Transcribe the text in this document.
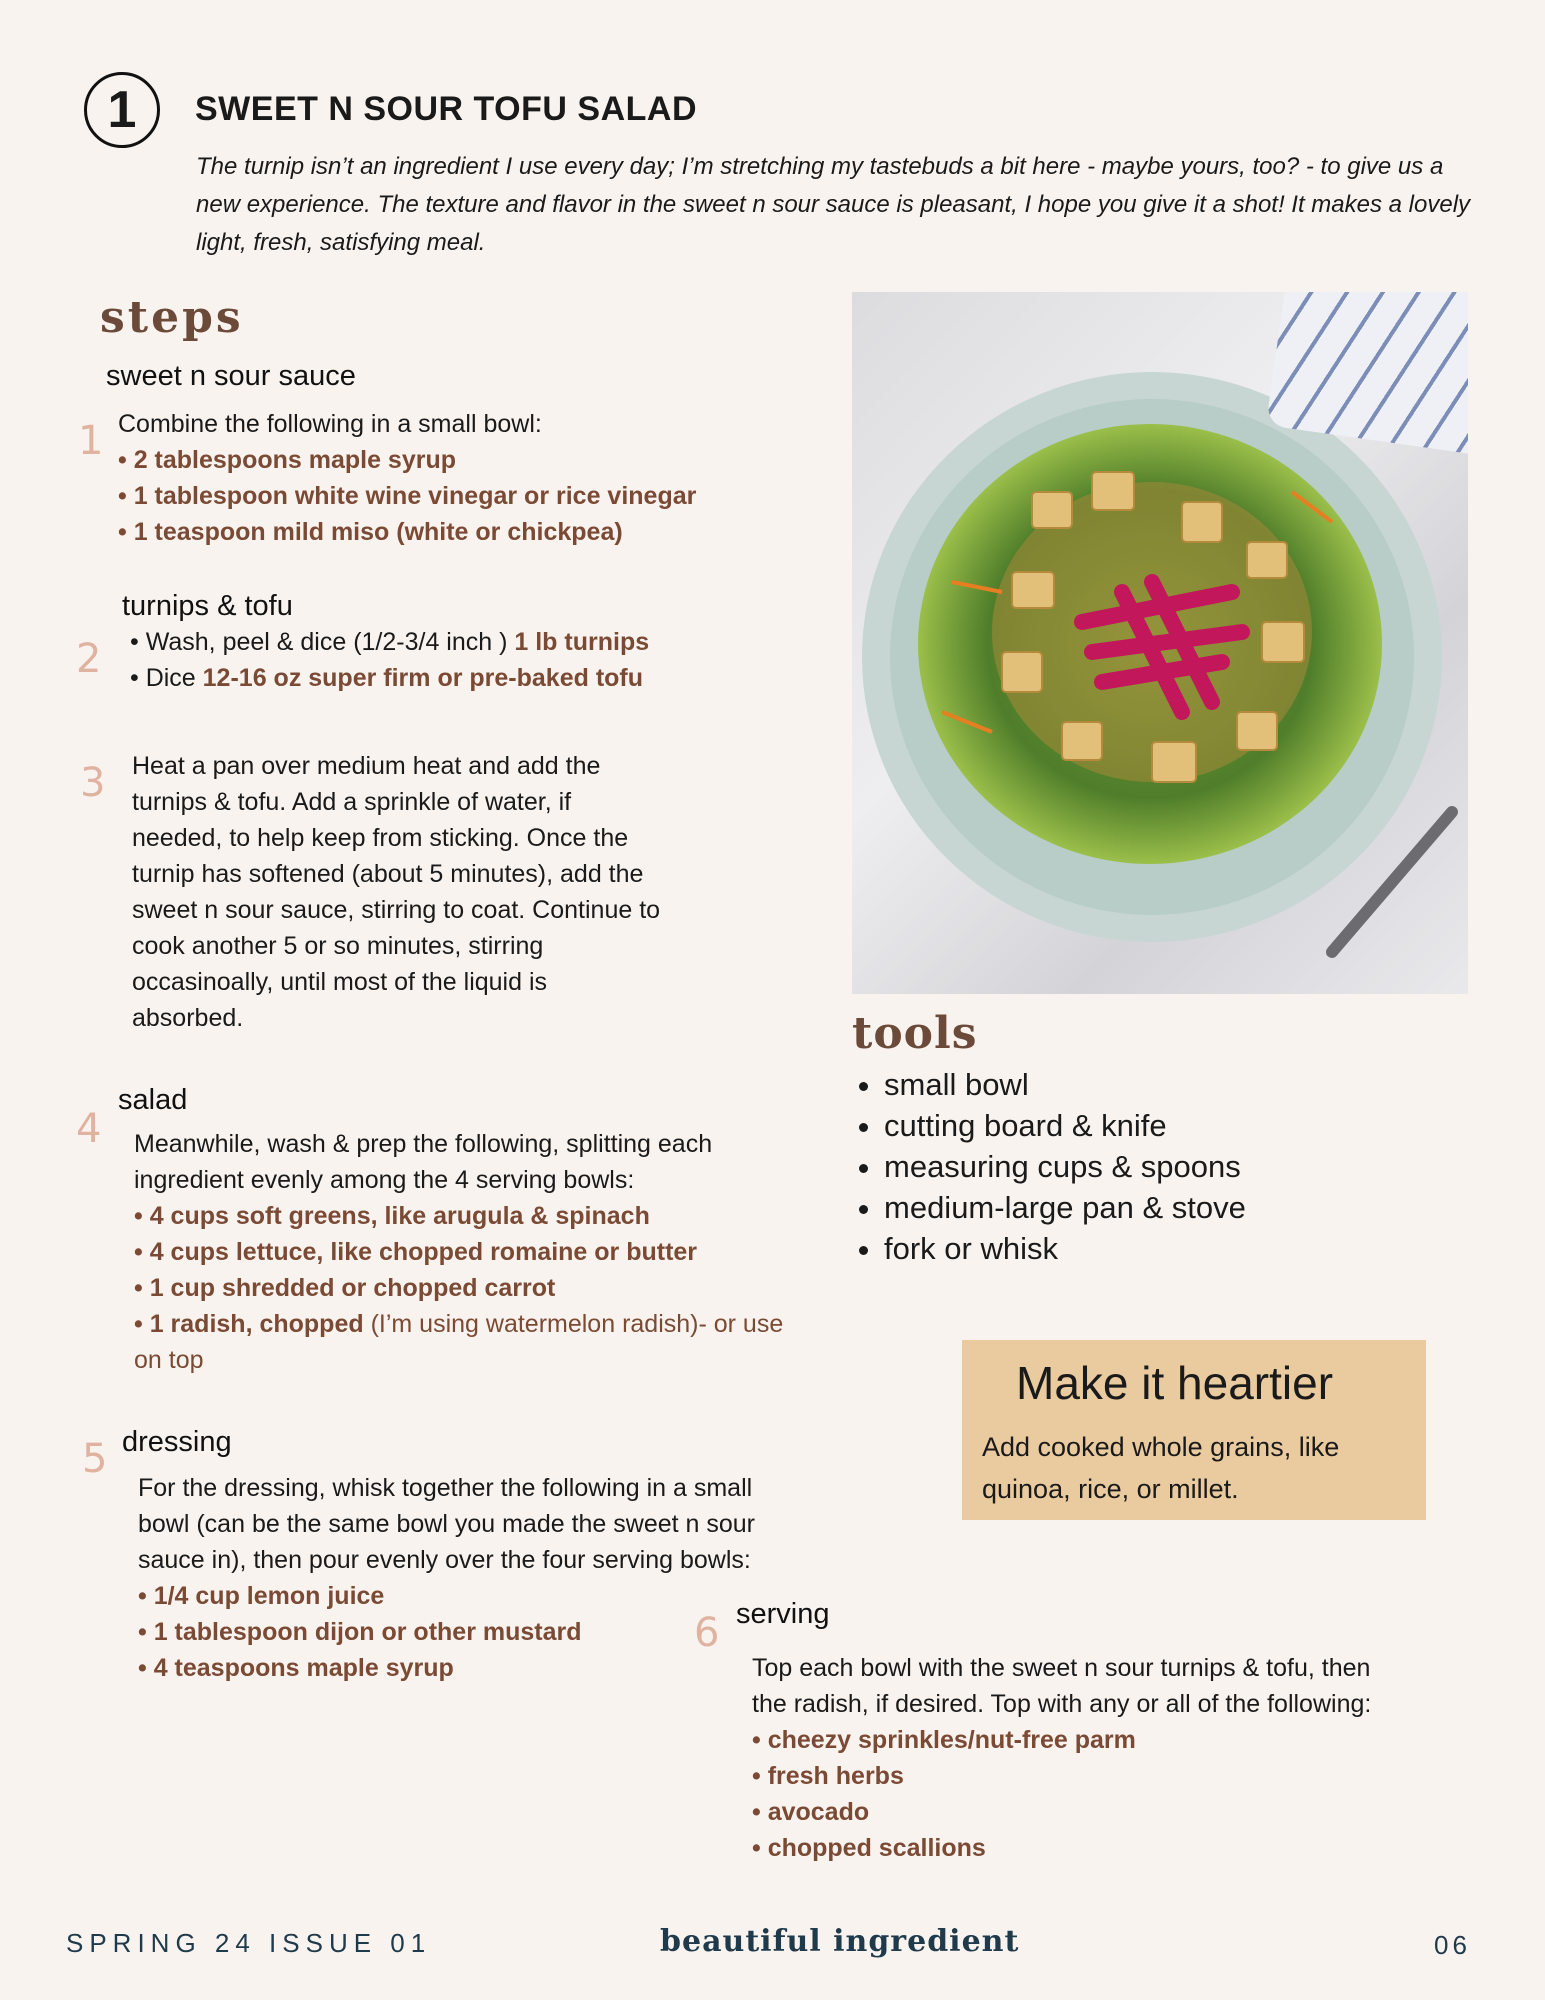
1 SWEET N SOUR TOFU SALAD
The turnip isn’t an ingredient I use every day; I’m stretching my tastebuds a bit here - maybe yours, too? - to give us a new experience. The texture and flavor in the sweet n sour sauce is pleasant, I hope you give it a shot! It makes a lovely light, fresh, satisfying meal.
steps
sweet n sour sauce
1 Combine the following in a small bowl:
• 2 tablespoons maple syrup
• 1 tablespoon white wine vinegar or rice vinegar
• 1 teaspoon mild miso (white or chickpea)
turnips & tofu
2 • Wash, peel & dice (1/2-3/4 inch ) 1 lb turnips
• Dice 12-16 oz super firm or pre-baked tofu
3 Heat a pan over medium heat and add the
turnips & tofu. Add a sprinkle of water, if
needed, to help keep from sticking. Once the
turnip has softened (about 5 minutes), add the
sweet n sour sauce, stirring to coat. Continue to
cook another 5 or so minutes, stirring
occasinoally, until most of the liquid is
absorbed.
salad
4 Meanwhile, wash & prep the following, splitting each
ingredient evenly among the 4 serving bowls:
• 4 cups soft greens, like arugula & spinach
• 4 cups lettuce, like chopped romaine or butter
• 1 cup shredded or chopped carrot
• 1 radish, chopped (I’m using watermelon radish)- or use
on top
dressing
5
For the dressing, whisk together the following in a small
bowl (can be the same bowl you made the sweet n sour
sauce in), then pour evenly over the four serving bowls:
• 1/4 cup lemon juice
• 1 tablespoon dijon or other mustard
• 4 teaspoons maple syrup
serving
6
Top each bowl with the sweet n sour turnips & tofu, then
the radish, if desired. Top with any or all of the following:
• cheezy sprinkles/nut-free parm
• fresh herbs
• avocado
• chopped scallions
tools
• small bowl
• cutting board & knife
• measuring cups & spoons
• medium-large pan & stove
• fork or whisk
Make it heartier
Add cooked whole grains, like
quinoa, rice, or millet.
SPRING 24 ISSUE 01	beautiful ingredient	06
